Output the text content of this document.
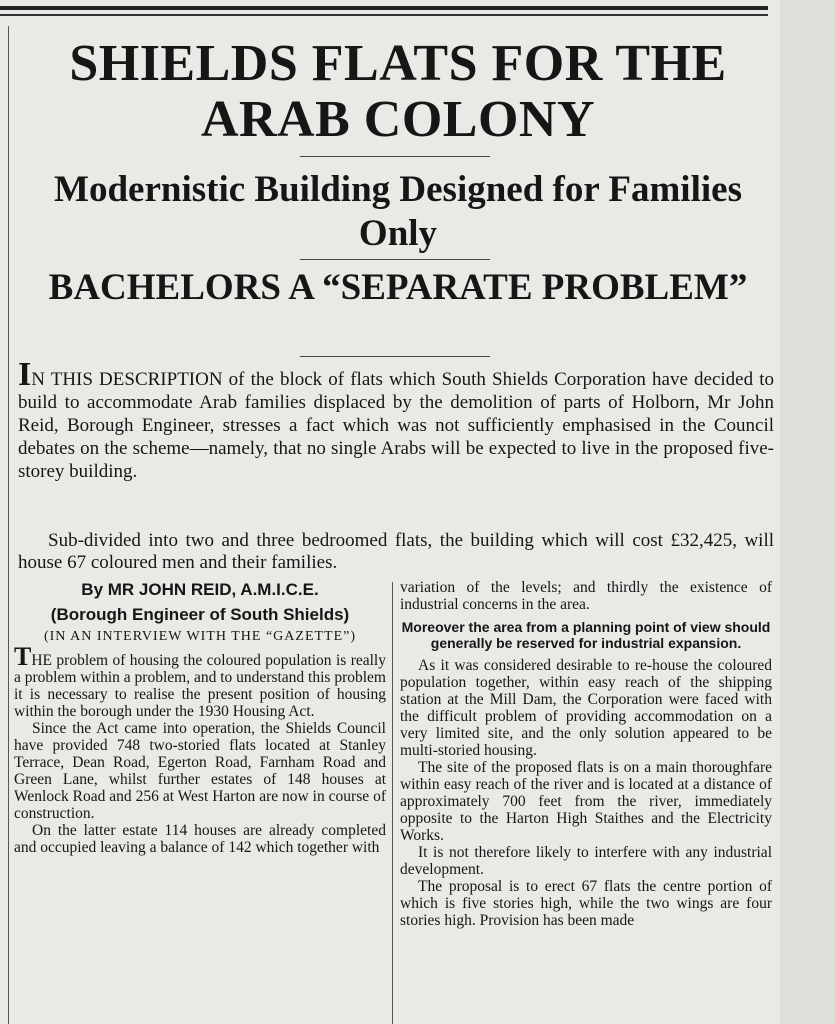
SHIELDS FLATS FOR THE ARAB COLONY
Modernistic Building Designed for Families Only
BACHELORS A “SEPARATE PROBLEM”

IN THIS DESCRIPTION of the block of flats which South Shields Corporation have decided to build to accommodate Arab families displaced by the demolition of parts of Holborn, Mr John Reid, Borough Engineer, stresses a fact which was not sufficiently emphasised in the Council debates on the scheme—namely, that no single Arabs will be expected to live in the proposed five-storey building.

Sub-divided into two and three bedroomed flats, the building which will cost £32,425, will house 67 coloured men and their families.

By MR JOHN REID, A.M.I.C.E.

(Borough Engineer of South Shields)

(IN AN INTERVIEW WITH THE “GAZETTE”)

THE problem of housing the coloured population is really a problem within a problem, and to understand this problem it is necessary to realise the present position of housing within the borough under the 1930 Housing Act.

Since the Act came into operation, the Shields Council have provided 748 two-storied flats located at Stanley Terrace, Dean Road, Egerton Road, Farnham Road and Green Lane, whilst further estates of 148 houses at Wenlock Road and 256 at West Harton are now in course of construction.

On the latter estate 114 houses are already completed and occupied leaving a balance of 142 which together with

variation of the levels; and thirdly the existence of industrial concerns in the area.

Moreover the area from a planning point of view should generally be reserved for industrial expansion.

As it was considered desirable to re-house the coloured population together, within easy reach of the shipping station at the Mill Dam, the Corporation were faced with the difficult problem of providing accommodation on a very limited site, and the only solution appeared to be multi-storied housing.

The site of the proposed flats is on a main thoroughfare within easy reach of the river and is located at a distance of approximately 700 feet from the river, immediately opposite to the Harton High Staithes and the Electricity Works.

It is not therefore likely to interfere with any industrial development.

The proposal is to erect 67 flats the centre portion of which is five stories high, while the two wings are four stories high. Provision has been made
